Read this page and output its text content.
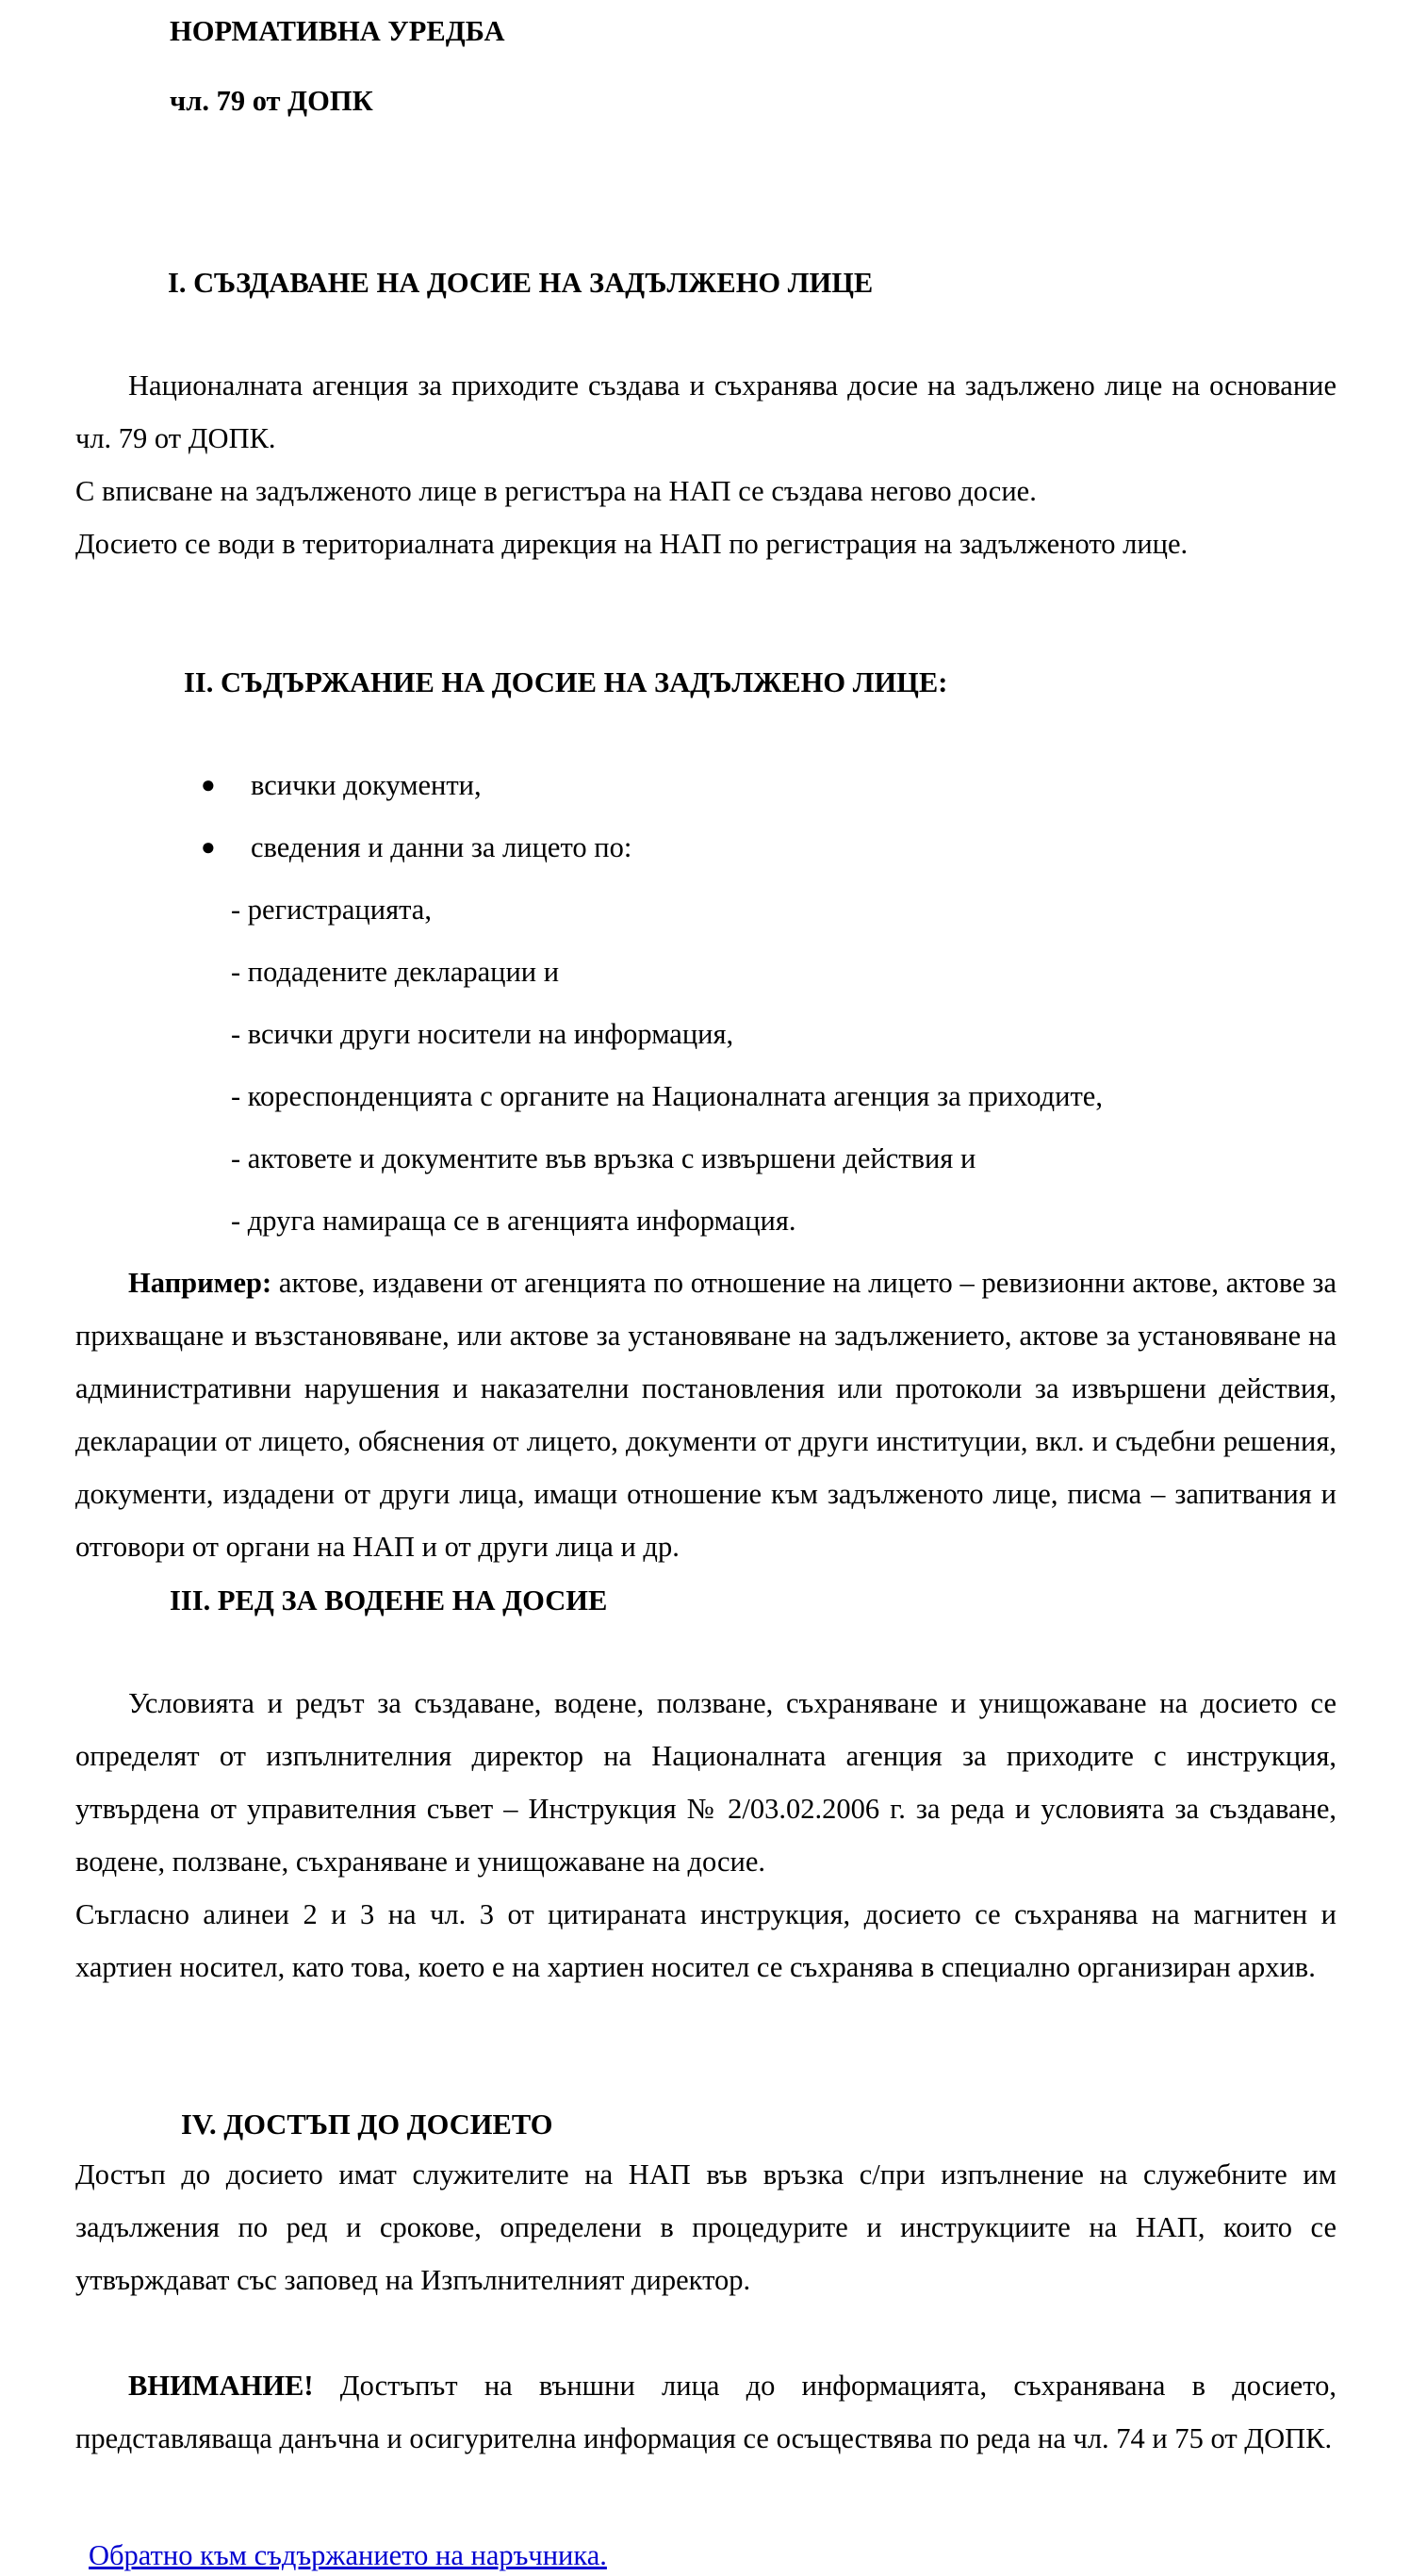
НОРМАТИВНА УРЕДБА
чл. 79 от ДОПК
I. СЪЗДАВАНЕ НА ДОСИЕ НА ЗАДЪЛЖЕНО ЛИЦЕ

Националната агенция за приходите създава и съхранява досие на задължено лице на основание чл. 79 от ДОПК.

С вписване на задълженото лице в регистъра на НАП се създава негово досие.

Досието се води в териториалната дирекция на НАП по регистрация на задълженото лице.

II. СЪДЪРЖАНИЕ НА ДОСИЕ НА ЗАДЪЛЖЕНО ЛИЦЕ:
● всички документи,
● сведения и данни за лицето по:
- регистрацията,
- подадените декларации и
- всички други носители на информация,
- кореспонденцията с органите на Националната агенция за приходите,
- актовете и документите във връзка с извършени действия и
- друга намираща се в агенцията информация.

Например: актове, издавени от агенцията по отношение на лицето – ревизионни актове, актове за прихващане и възстановяване, или актове за установяване на задължението, актове за установяване на административни нарушения и наказателни постановления или протоколи за извършени действия, декларации от лицето, обяснения от лицето, документи от други институции, вкл. и съдебни решения, документи, издадени от други лица, имащи отношение към задълженото лице, писма – запитвания и отговори от органи на НАП и от други лица и др.

III. РЕД ЗА ВОДЕНЕ НА ДОСИЕ

Условията и редът за създаване, водене, ползване, съхраняване и унищожаване на досието се определят от изпълнителния директор на Националната агенция за приходите с инструкция, утвърдена от управителния съвет – Инструкция № 2/03.02.2006 г. за реда и условията за създаване, водене, ползване, съхраняване и унищожаване на досие.

Съгласно алинеи 2 и 3 на чл. 3 от цитираната инструкция, досието се съхранява на магнитен и хартиен носител, като това, което е на хартиен носител се съхранява в специално организиран архив.

IV. ДОСТЪП ДО ДОСИЕТО

Достъп до досието имат служителите на НАП във връзка с/при изпълнение на служебните им задължения по ред и срокове, определени в процедурите и инструкциите на НАП, които се утвърждават със заповед на Изпълнителният директор.

ВНИМАНИЕ! Достъпът на външни лица до информацията, съхранявана в досието, представляваща данъчна и осигурителна информация се осъществява по реда на чл. 74 и 75 от ДОПК.

Обратно към съдържанието на наръчника.
